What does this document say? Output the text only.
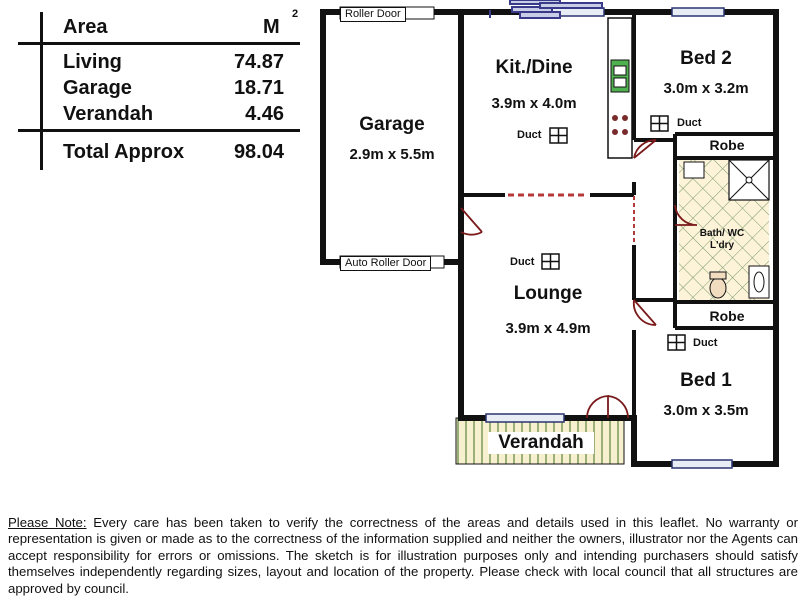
Area	M
2
Living	74.87
Garage	18.71
Verandah	4.46
Total Approx	98.04
Garage
2.9m x 5.5m
Kit./Dine
3.9m x 4.0m
Duct
Bed 2
3.0m x 3.2m
Duct
Robe
Bath/ WC
L'dry
Robe
Duct
Lounge
3.9m x 4.9m
Duct
Bed 1
3.0m x 3.5m
Verandah
Roller Door
Auto Roller Door
Please Note: Every care has been taken to verify the correctness of the areas and details used in this leaflet. No warranty or representation is given or made as to the correctness of the information supplied and neither the owners, illustrator nor the Agents can accept responsibility for errors or omissions. The sketch is for illustration purposes only and intending purchasers should satisfy themselves independently regarding sizes, layout and location of the property. Please check with local council that all structures are approved by council.
